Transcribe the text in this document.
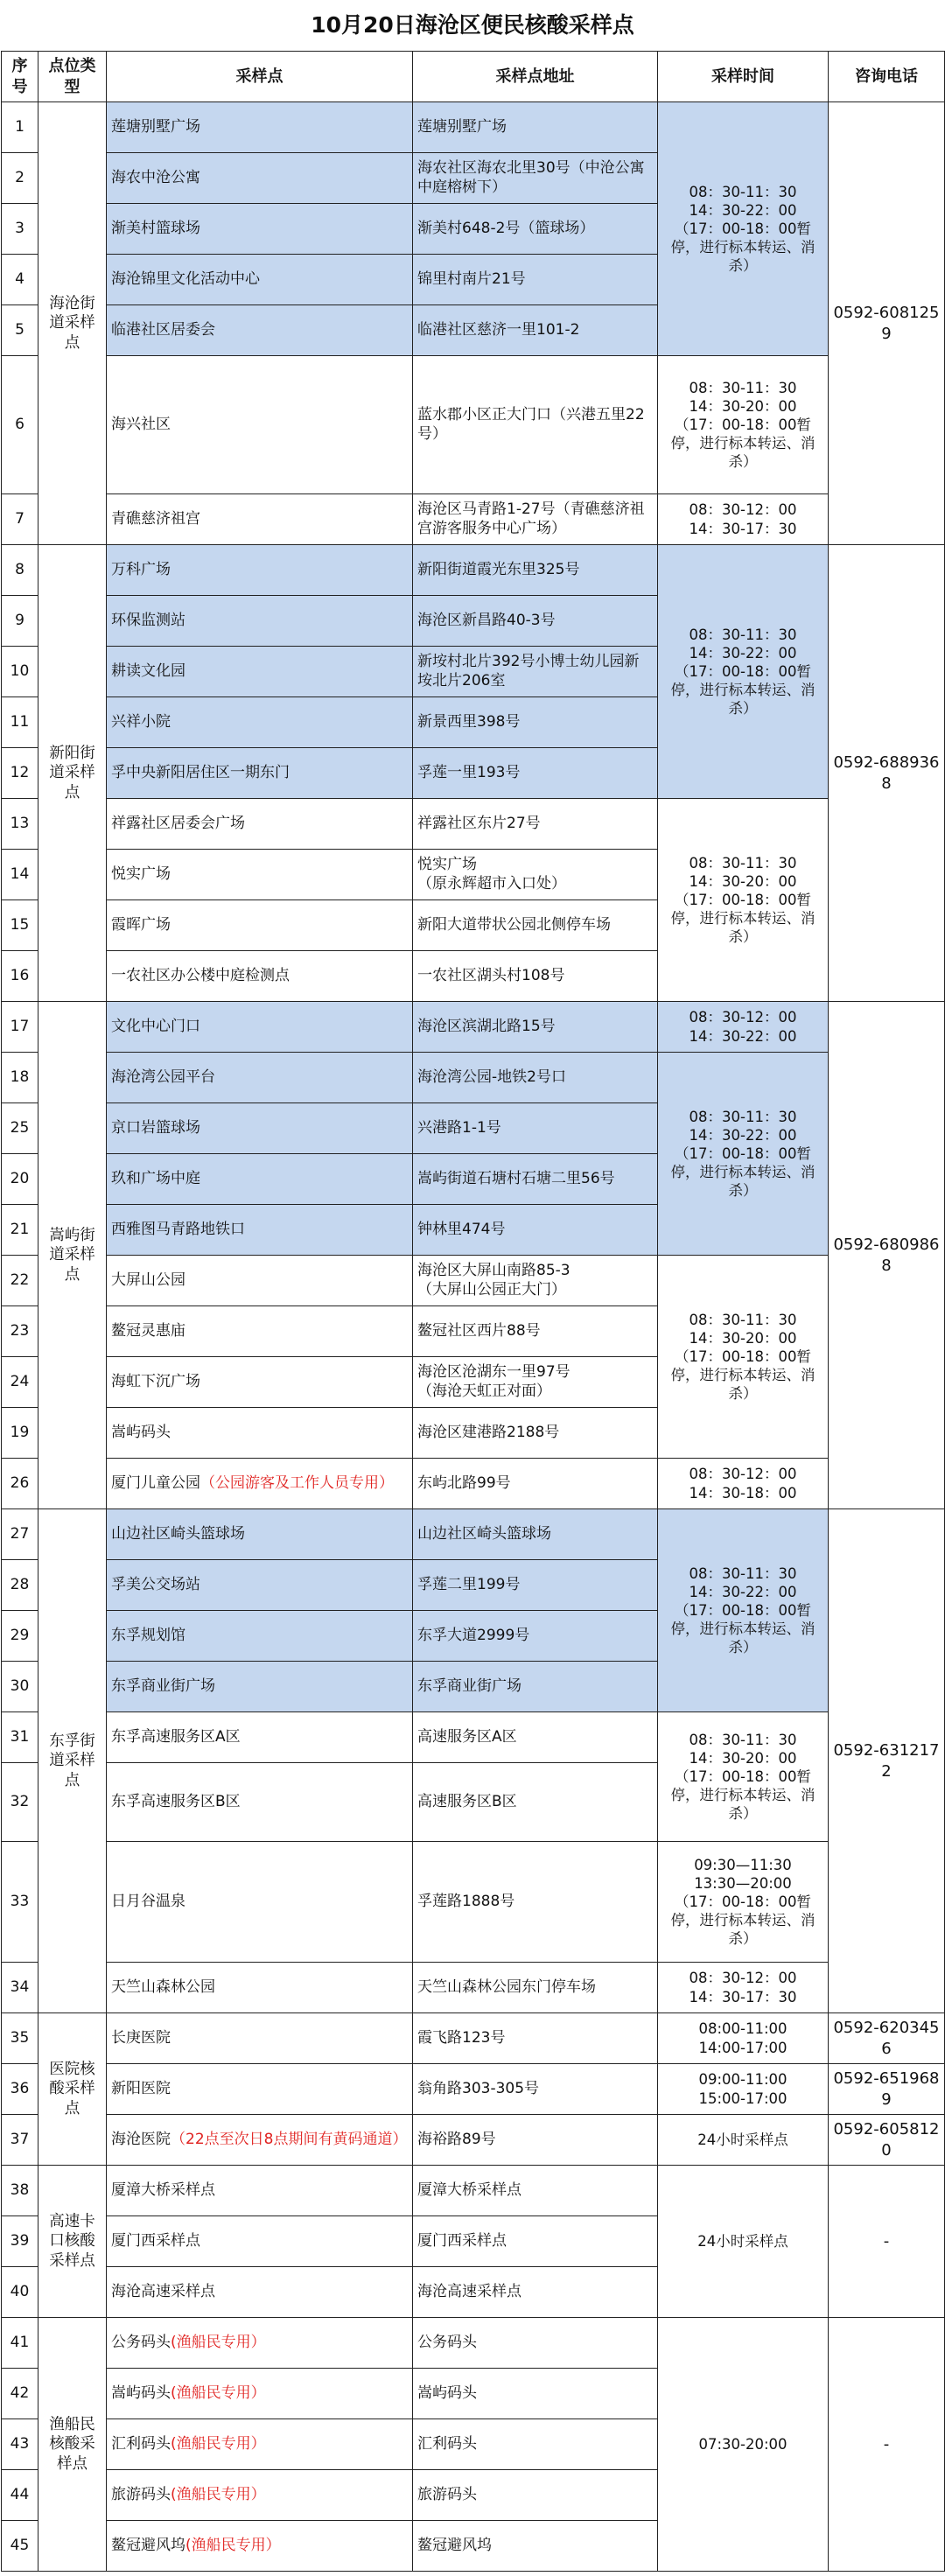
10月20日海沧区便民核酸采样点
序号	点位类型	采样点	采样点地址	采样时间	咨询电话
1	海沧街道采样点	莲塘别墅广场	莲塘别墅广场	08：30-11：30
14：30-22：00
（17：00-18：00暂停，进行标本转运、消杀）	0592-6081259
2		海农中沧公寓	海农社区海农北里30号（中沧公寓中庭榕树下）		
3		渐美村篮球场	渐美村648-2号（篮球场）		
4		海沧锦里文化活动中心	锦里村南片21号		
5		临港社区居委会	临港社区慈济一里101-2		
6		海兴社区	蓝水郡小区正大门口（兴港五里22号）	08：30-11：30
14：30-20：00
（17：00-18：00暂停，进行标本转运、消杀）	
7		青礁慈济祖宫	海沧区马青路1-27号（青礁慈济祖宫游客服务中心广场）	08：30-12：00
14：30-17：30	
8	新阳街道采样点	万科广场	新阳街道霞光东里325号	08：30-11：30
14：30-22：00
（17：00-18：00暂停，进行标本转运、消杀）	0592-6889368
9		环保监测站	海沧区新昌路40-3号		
10		耕读文化园	新垵村北片392号小博士幼儿园新垵北片206室		
11		兴祥小院	新景西里398号		
12		孚中央新阳居住区一期东门	孚莲一里193号		
13		祥露社区居委会广场	祥露社区东片27号	08：30-11：30
14：30-20：00
（17：00-18：00暂停，进行标本转运、消杀）	
14		悦实广场	悦实广场
（原永辉超市入口处）		
15		霞晖广场	新阳大道带状公园北侧停车场		
16		一农社区办公楼中庭检测点	一农社区湖头村108号		
17	嵩屿街道采样点	文化中心门口	海沧区滨湖北路15号	08：30-12：00
14：30-22：00	0592-6809868
18		海沧湾公园平台	海沧湾公园-地铁2号口	08：30-11：30
14：30-22：00
（17：00-18：00暂停，进行标本转运、消杀）	
25		京口岩篮球场	兴港路1-1号		
20		玖和广场中庭	嵩屿街道石塘村石塘二里56号		
21		西雅图马青路地铁口	钟林里474号		
22		大屏山公园	海沧区大屏山南路85-3
（大屏山公园正大门）	08：30-11：30
14：30-20：00
（17：00-18：00暂停，进行标本转运、消杀）	
23		鳌冠灵惠庙	鳌冠社区西片88号		
24		海虹下沉广场	海沧区沧湖东一里97号
（海沧天虹正对面）		
19		嵩屿码头	海沧区建港路2188号		
26		厦门儿童公园（公园游客及工作人员专用）	东屿北路99号	08：30-12：00
14：30-18：00	
27	东孚街道采样点	山边社区崎头篮球场	山边社区崎头篮球场	08：30-11：30
14：30-22：00
（17：00-18：00暂停，进行标本转运、消杀）	0592-6312172
28		孚美公交场站	孚莲二里199号		
29		东孚规划馆	东孚大道2999号		
30		东孚商业街广场	东孚商业街广场		
31		东孚高速服务区A区	高速服务区A区	08：30-11：30
14：30-20：00
（17：00-18：00暂停，进行标本转运、消杀）	
32		东孚高速服务区B区	高速服务区B区		
33		日月谷温泉	孚莲路1888号	09:30—11:30
13:30—20:00
（17：00-18：00暂停，进行标本转运、消杀）	
34		天竺山森林公园	天竺山森林公园东门停车场	08：30-12：00
14：30-17：30	
35	医院核酸采样点	长庚医院	霞飞路123号	08:00-11:00
14:00-17:00	0592-6203456
36		新阳医院	翁角路303-305号	09:00-11:00
15:00-17:00	0592-6519689
37		海沧医院（22点至次日8点期间有黄码通道）	海裕路89号	24小时采样点	0592-6058120
38	高速卡口核酸采样点	厦漳大桥采样点	厦漳大桥采样点	24小时采样点	-
39		厦门西采样点	厦门西采样点		
40		海沧高速采样点	海沧高速采样点		
41	渔船民核酸采样点	公务码头(渔船民专用）	公务码头	07:30-20:00	-
42		嵩屿码头(渔船民专用）	嵩屿码头		
43		汇利码头(渔船民专用）	汇利码头		
44		旅游码头(渔船民专用）	旅游码头		
45		鳌冠避风坞(渔船民专用）	鳌冠避风坞		
